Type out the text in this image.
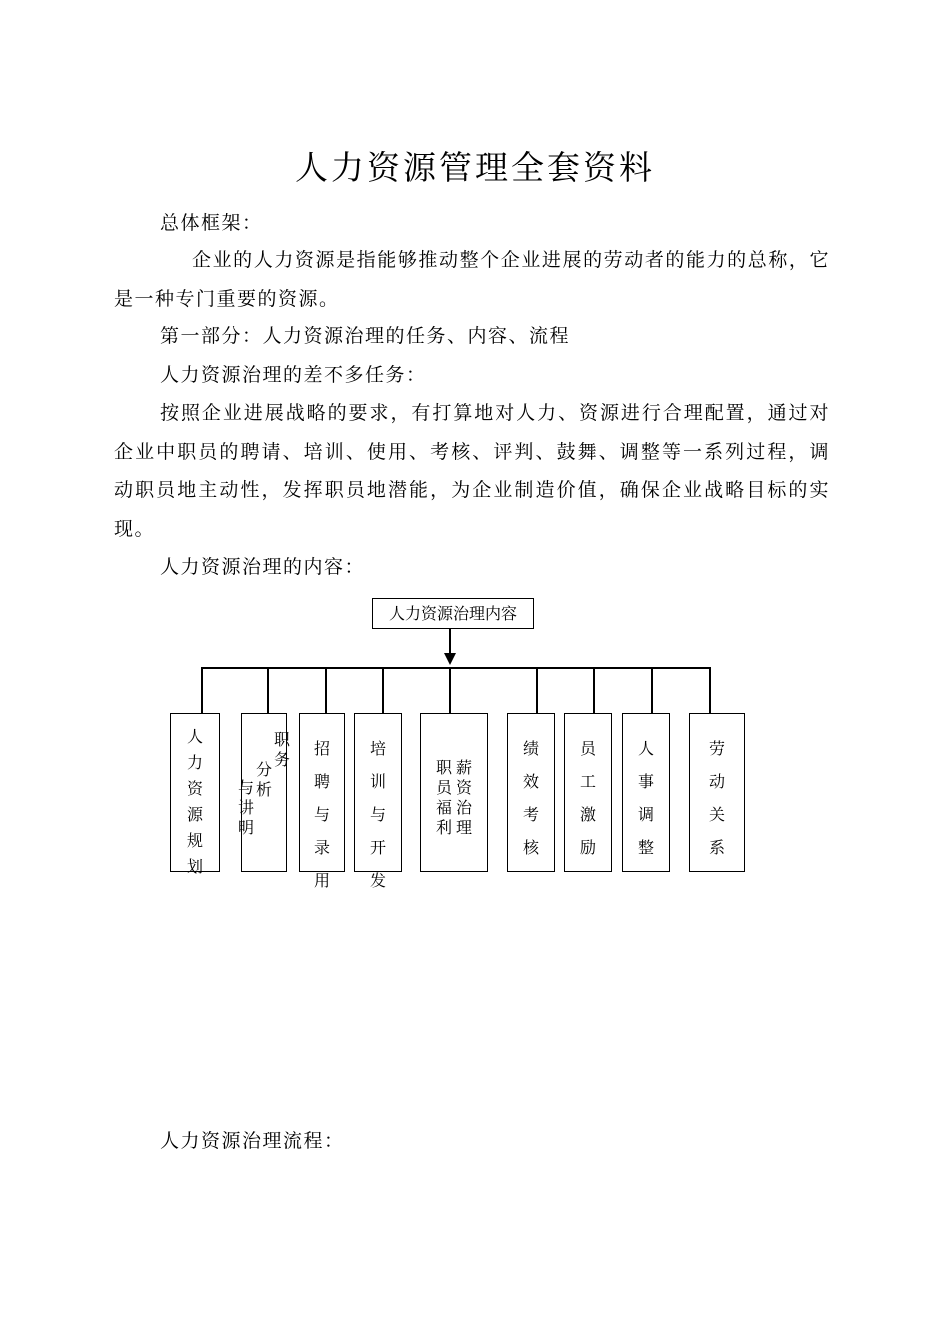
人力资源管理全套资料
总体框架：
企业的人力资源是指能够推动整个企业进展的劳动者的能力的总称，它是一种专门重要的资源。
第一部分：人力资源治理的任务、内容、流程
人力资源治理的差不多任务：
按照企业进展战略的要求，有打算地对人力、资源进行合理配置，通过对企业中职员的聘请、培训、使用、考核、评判、鼓舞、调整等一系列过程，调动职员地主动性，发挥职员地潜能，为企业制造价值，确保企业战略目标的实现。
人力资源治理的内容：
人力资源治理内容
人
力
资
源
规
划
职
务
分
析
与
讲
明
招
聘
与
录
用
培
训
与
开
发
薪
资
治
理
职
员
福
利
绩
效
考
核
员
工
激
励
人
事
调
整
劳
动
关
系
人力资源治理流程：
